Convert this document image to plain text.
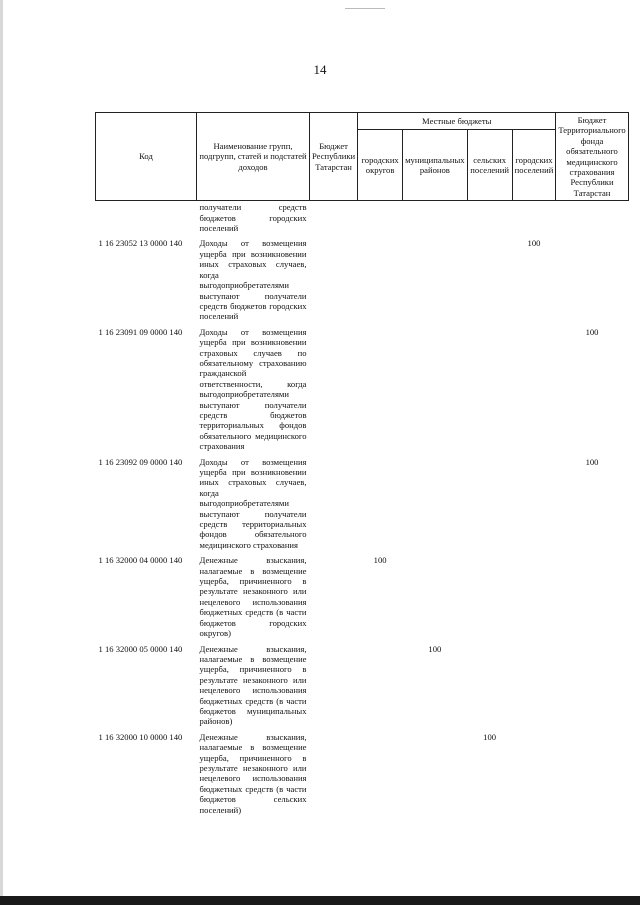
14
Код	Наименование групп, подгрупп, статей и подстатей доходов	Бюджет Республики Татарстан	Местные бюджеты				Бюджет Территориального фонда обязательного медицинского страхования Республики Татарстан
			городских округов	муниципальных районов	сельских поселений	городских поселений	
	получатели средств бюджетов городских поселений						
1 16 23052 13 0000 140	Доходы от возмещения ущерба при возникновении иных страховых случаев, когда выгодоприобретателями выступают получатели средств бюджетов городских поселений					100	
1 16 23091 09 0000 140	Доходы от возмещения ущерба при возникновении страховых случаев по обязательному страхованию гражданской ответственности, когда выгодоприобретателями выступают получатели средств бюджетов территориальных фондов обязательного медицинского страхования						100
1 16 23092 09 0000 140	Доходы от возмещения ущерба при возникновении иных страховых случаев, когда выгодоприобретателями выступают получатели средств территориальных фондов обязательного медицинского страхования						100
1 16 32000 04 0000 140	Денежные взыскания, налагаемые в возмещение ущерба, причиненного в результате незаконного или нецелевого использования бюджетных средств (в части бюджетов городских округов)		100				
1 16 32000 05 0000 140	Денежные взыскания, налагаемые в возмещение ущерба, причиненного в результате незаконного или нецелевого использования бюджетных средств (в части бюджетов муниципальных районов)			100			
1 16 32000 10 0000 140	Денежные взыскания, налагаемые в возмещение ущерба, причиненного в результате незаконного или нецелевого использования бюджетных средств (в части бюджетов сельских поселений)				100		
